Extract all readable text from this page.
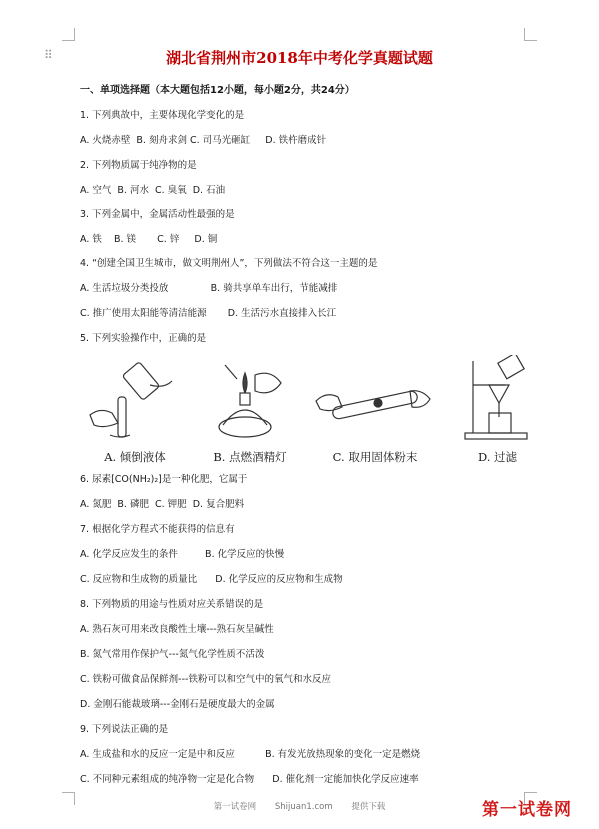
⠿	湖北省荆州市2018年中考化学真题试题
一、单项选择题（本大题包括12小题，每小题2分，共24分）
1. 下列典故中，主要体现化学变化的是
A. 火烧赤壁  B. 刻舟求剑 C. 司马光砸缸     D. 铁杵磨成针
2. 下列物质属于纯净物的是
A. 空气  B. 河水  C. 臭氧  D. 石油
3. 下列金属中，金属活动性最强的是
A. 铁    B. 镁       C. 锌     D. 铜
4. “创建全国卫生城市，做文明荆州人”，下列做法不符合这一主题的是
A. 生活垃圾分类投放              B. 骑共享单车出行，节能减排
C. 推广使用太阳能等清洁能源       D. 生活污水直接排入长江
5. 下列实验操作中，正确的是
A. 倾倒液体	B. 点燃酒精灯	C. 取用固体粉末	D. 过滤
6. 尿素[CO(NH₂)₂]是一种化肥，它属于
A. 氮肥  B. 磷肥  C. 钾肥  D. 复合肥料
7. 根据化学方程式不能获得的信息有
A. 化学反应发生的条件         B. 化学反应的快慢
C. 反应物和生成物的质量比      D. 化学反应的反应物和生成物
8. 下列物质的用途与性质对应关系错误的是
A. 熟石灰可用来改良酸性土壤---熟石灰呈碱性
B. 氮气常用作保护气---氮气化学性质不活泼
C. 铁粉可做食品保鲜剂---铁粉可以和空气中的氧气和水反应
D. 金刚石能裁玻璃---金刚石是硬度最大的金属
9. 下列说法正确的是
A. 生成盐和水的反应一定是中和反应          B. 有发光放热现象的变化一定是燃烧
C. 不同种元素组成的纯净物一定是化合物      D. 催化剂一定能加快化学反应速率
第一试卷网 Shijuan1.com 提供下载	第一试卷网
